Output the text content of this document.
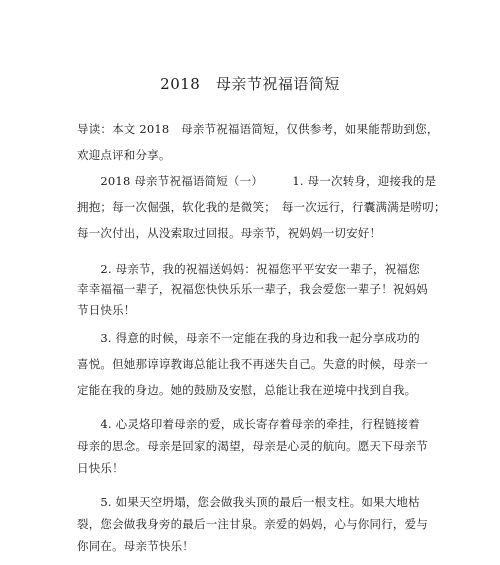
2018　母亲节祝福语简短
导读：本文 2018　母亲节祝福语简短，仅供参考，如果能帮助到您，
欢迎点评和分享。
　　2018 母亲节祝福语简短（一）　　　1. 母一次转身，迎接我的是
拥抱；每一次倔强，软化我的是微笑；　每一次远行，行囊满满是唠叨；
每一次付出，从没索取过回报。母亲节，祝妈妈一切安好！
　　2. 母亲节，我的祝福送妈妈：祝福您平平安安一辈子，祝福您
幸幸福福一辈子，祝福您快快乐乐一辈子，我会爱您一辈子！祝妈妈
节日快乐！
　　3. 得意的时候，母亲不一定能在我的身边和我一起分享成功的
喜悦。但她那谆谆教诲总能让我不再迷失自己。失意的时候，母亲一
定能在我的身边。她的鼓励及安慰，总能让我在逆境中找到自我。
　　4. 心灵烙印着母亲的爱，成长寄存着母亲的牵挂，行程链接着
母亲的思念。母亲是回家的渴望，母亲是心灵的航向。愿天下母亲节
日快乐！
　　5. 如果天空坍塌，您会做我头顶的最后一根支柱。如果大地枯
裂，您会做我身旁的最后一注甘泉。亲爱的妈妈，心与你同行，爱与
你同在。母亲节快乐！
